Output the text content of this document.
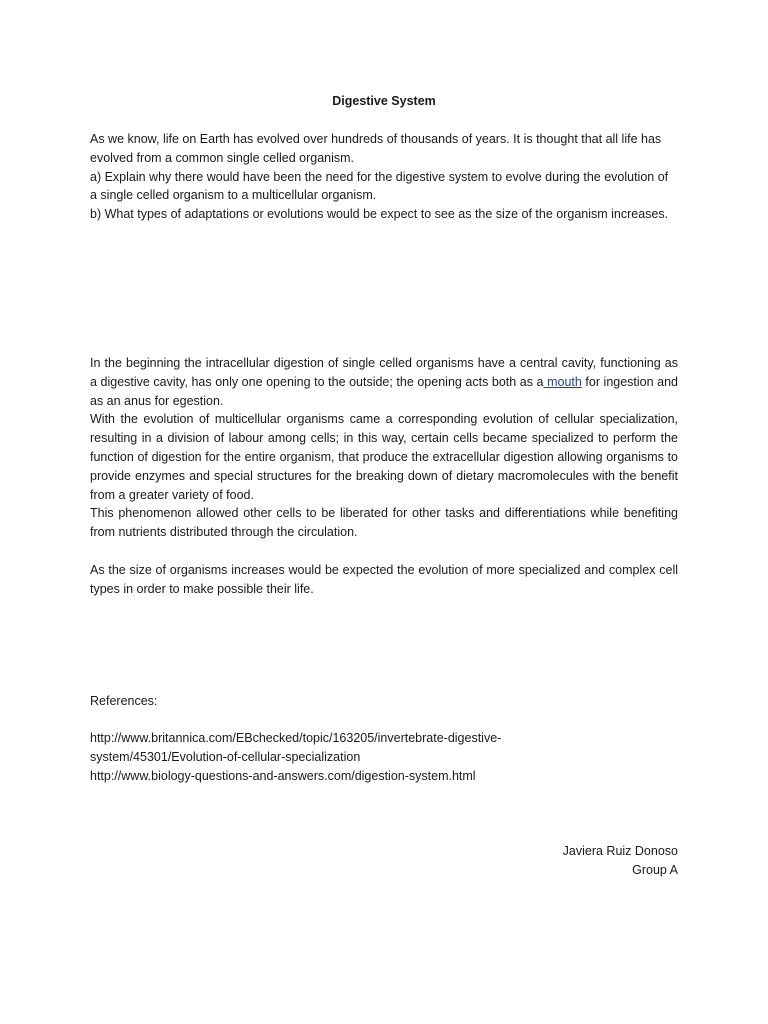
Digestive System

As we know, life on Earth has evolved over hundreds of thousands of years. It is thought that all life has evolved from a common single celled organism.

a) Explain why there would have been the need for the digestive system to evolve during the evolution of a single celled organism to a multicellular organism.

b) What types of adaptations or evolutions would be expect to see as the size of the organism increases.

In the beginning the intracellular digestion of single celled organisms have a central cavity, functioning as a digestive cavity, has only one opening to the outside; the opening acts both as a mouth for ingestion and as an anus for egestion.

With the evolution of multicellular organisms came a corresponding evolution of cellular specialization, resulting in a division of labour among cells; in this way, certain cells became specialized to perform the function of digestion for the entire organism, that produce the extracellular digestion allowing organisms to provide enzymes and special structures for the breaking down of dietary macromolecules with the benefit from a greater variety of food.

This phenomenon allowed other cells to be liberated for other tasks and differentiations while benefiting from nutrients distributed through the circulation.

As the size of organisms increases would be expected the evolution of more specialized and complex cell types in order to make possible their life.
References:

http://www.britannica.com/EBchecked/topic/163205/invertebrate-digestive-

system/45301/Evolution-of-cellular-specialization

http://www.biology-questions-and-answers.com/digestion-system.html

Javiera Ruiz Donoso
Group A
